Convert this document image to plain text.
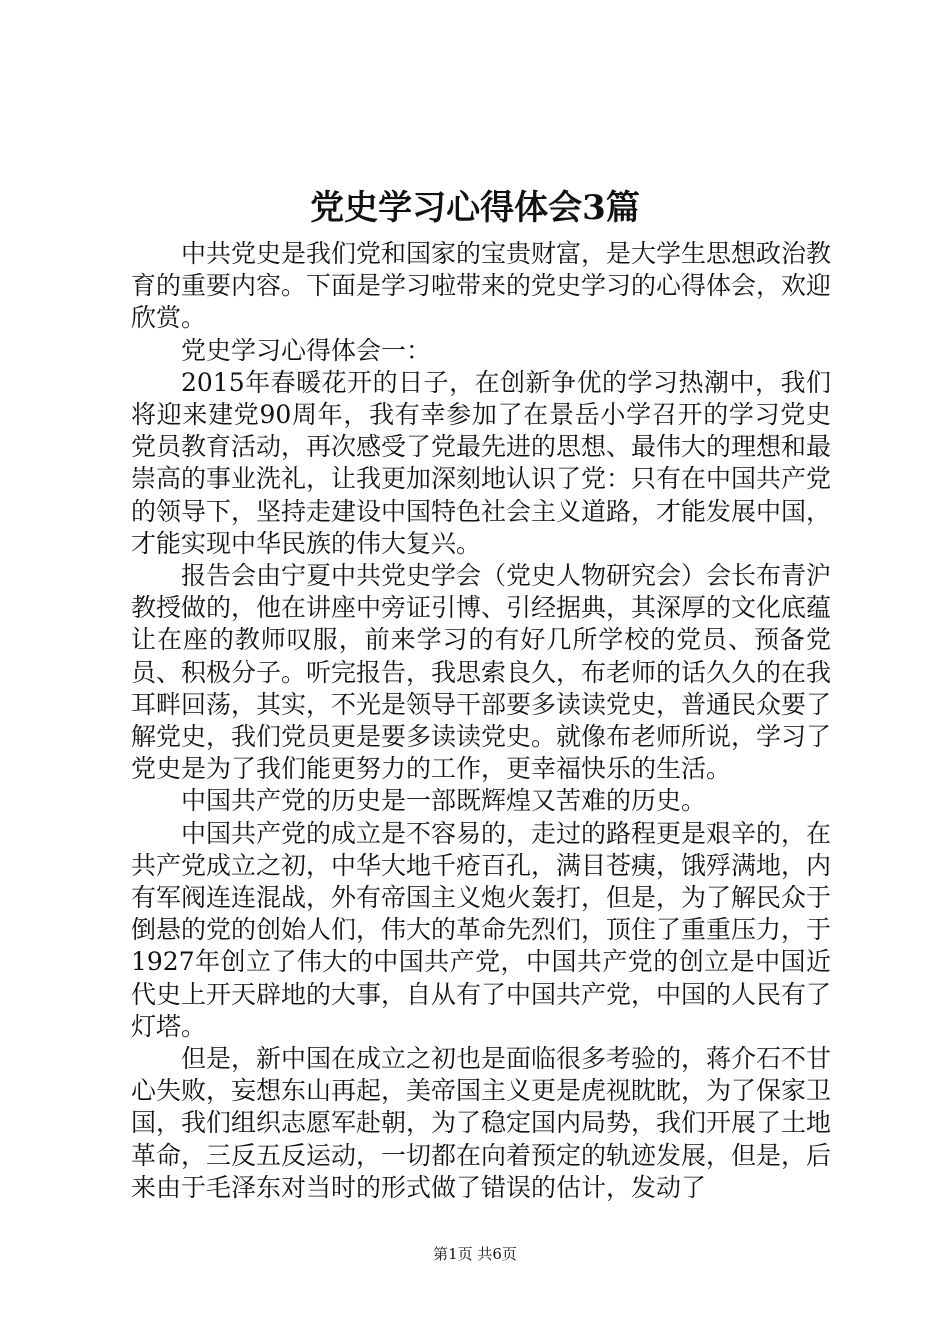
党史学习心得体会3篇

中共党史是我们党和国家的宝贵财富，是大学生思想政治教育的重要内容。下面是学习啦带来的党史学习的心得体会，欢迎欣赏。

党史学习心得体会一：

2015年春暖花开的日子，在创新争优的学习热潮中，我们将迎来建党90周年，我有幸参加了在景岳小学召开的学习党史党员教育活动，再次感受了党最先进的思想、最伟大的理想和最崇高的事业洗礼，让我更加深刻地认识了党：只有在中国共产党的领导下，坚持走建设中国特色社会主义道路，才能发展中国，才能实现中华民族的伟大复兴。

报告会由宁夏中共党史学会（党史人物研究会）会长布青沪教授做的，他在讲座中旁证引博、引经据典，其深厚的文化底蕴让在座的教师叹服，前来学习的有好几所学校的党员、预备党员、积极分子。听完报告，我思索良久，布老师的话久久的在我耳畔回荡，其实，不光是领导干部要多读读党史，普通民众要了解党史，我们党员更是要多读读党史。就像布老师所说，学习了党史是为了我们能更努力的工作，更幸福快乐的生活。

中国共产党的历史是一部既辉煌又苦难的历史。

中国共产党的成立是不容易的，走过的路程更是艰辛的，在共产党成立之初，中华大地千疮百孔，满目苍痍，饿殍满地，内有军阀连连混战，外有帝国主义炮火轰打，但是，为了解民众于倒悬的党的创始人们，伟大的革命先烈们，顶住了重重压力，于1927年创立了伟大的中国共产党，中国共产党的创立是中国近代史上开天辟地的大事，自从有了中国共产党，中国的人民有了灯塔。

但是，新中国在成立之初也是面临很多考验的，蒋介石不甘心失败，妄想东山再起，美帝国主义更是虎视眈眈，为了保家卫国，我们组织志愿军赴朝，为了稳定国内局势，我们开展了土地革命，三反五反运动，一切都在向着预定的轨迹发展，但是，后来由于毛泽东对当时的形式做了错误的估计，发动了

第1页 共6页
